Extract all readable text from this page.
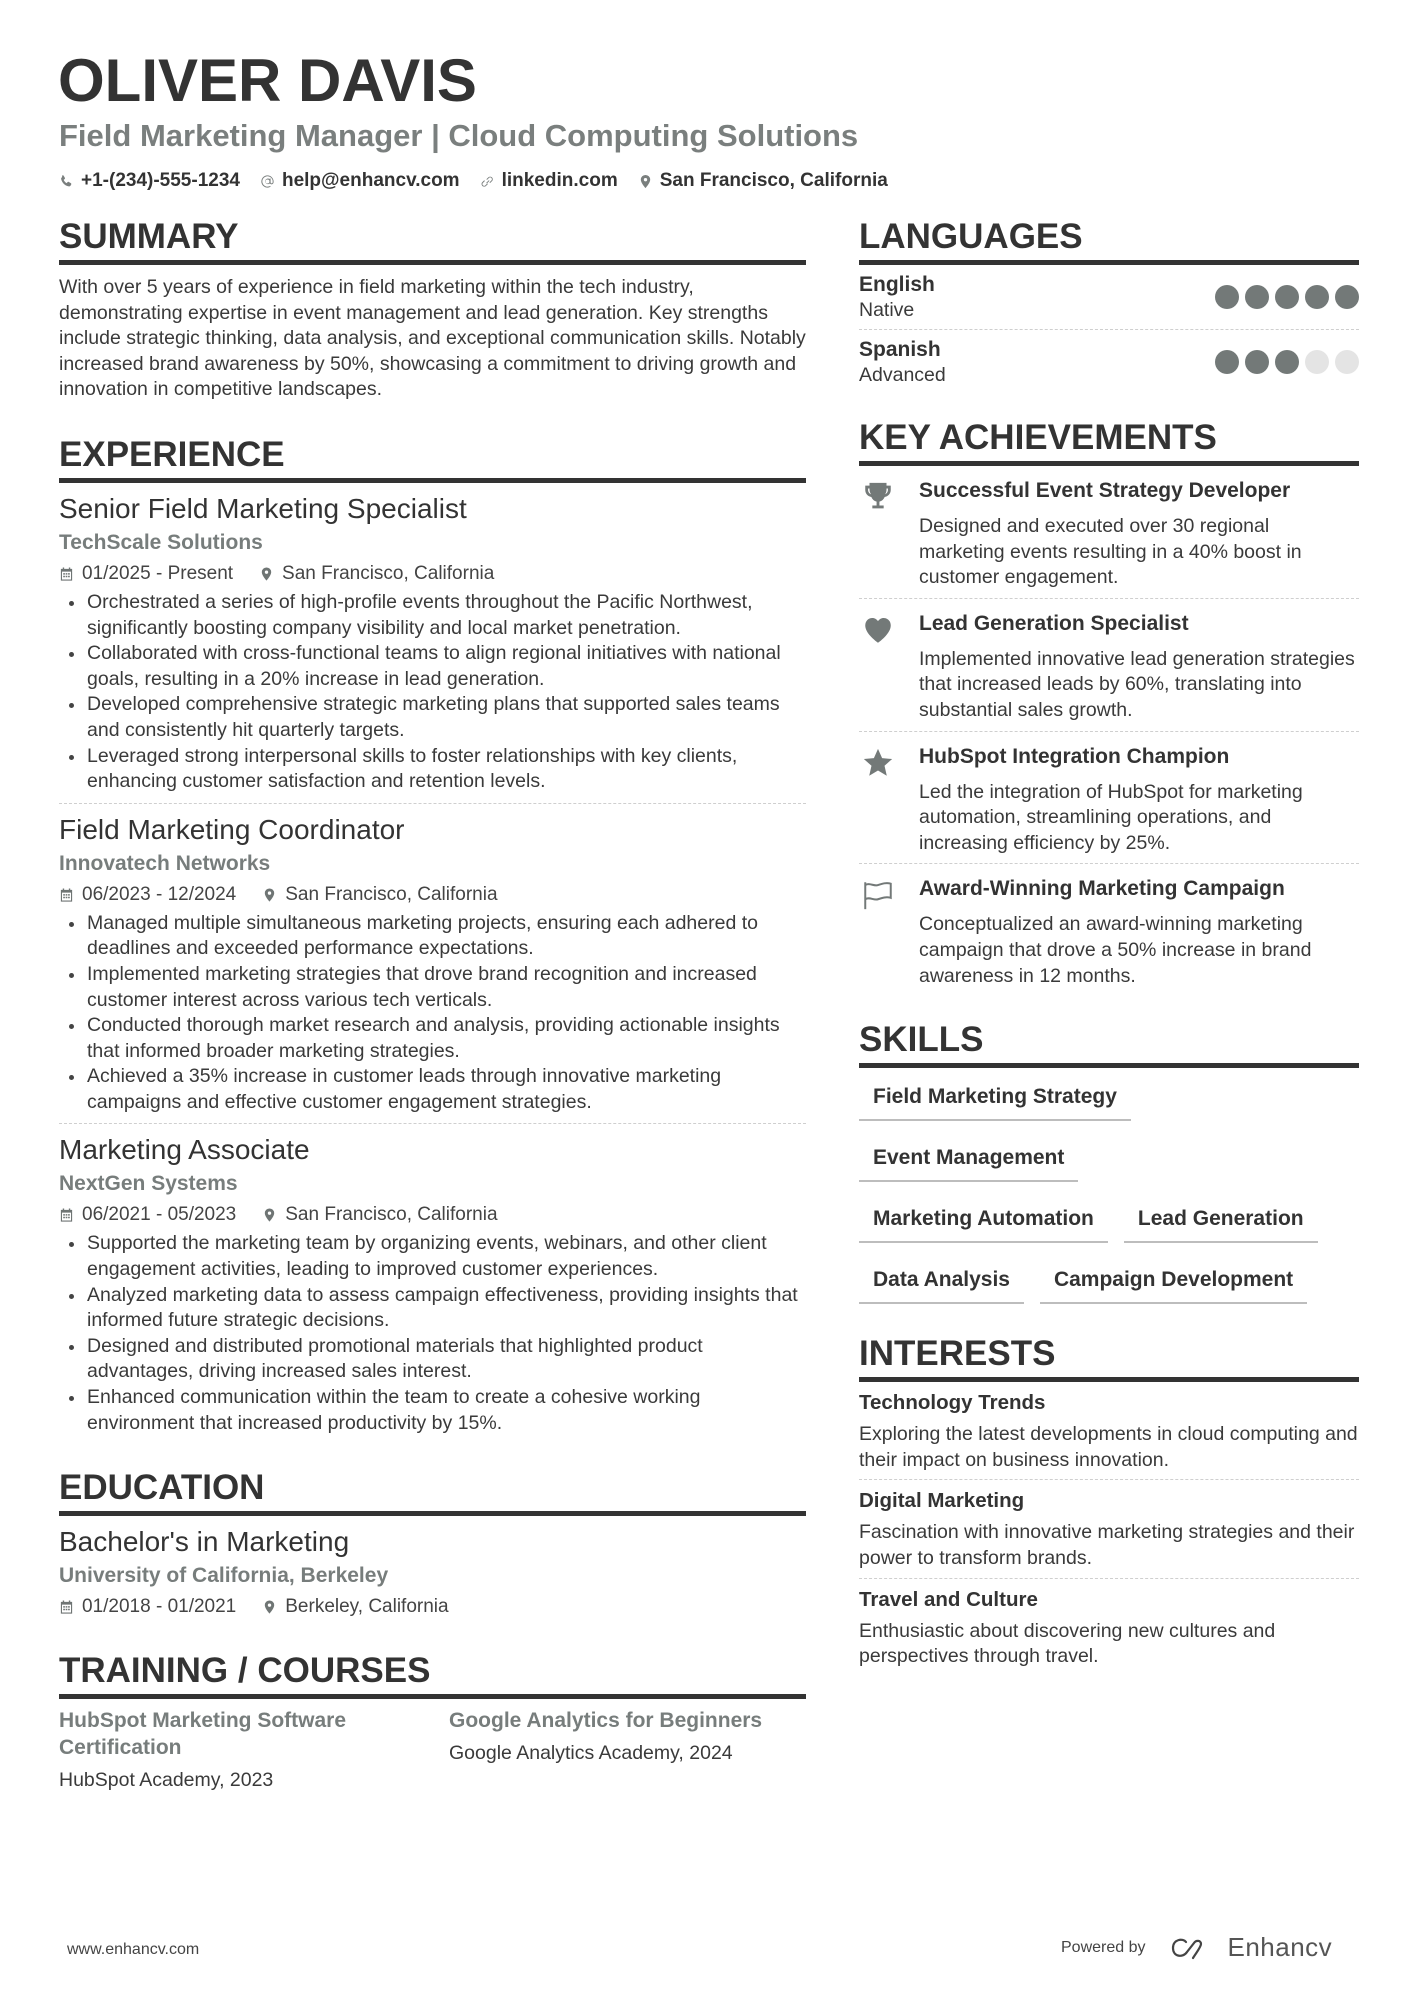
OLIVER DAVIS
Field Marketing Manager | Cloud Computing Solutions
+1-(234)-555-1234 help@enhancv.com linkedin.com San Francisco, California
SUMMARY

With over 5 years of experience in field marketing within the tech industry, demonstrating expertise in event management and lead generation. Key strengths include strategic thinking, data analysis, and exceptional communication skills. Notably increased brand awareness by 50%, showcasing a commitment to driving growth and innovation in competitive landscapes.

EXPERIENCE
Senior Field Marketing Specialist
TechScale Solutions
01/2025 - Present	San Francisco, California
Orchestrated a series of high-profile events throughout the Pacific Northwest, significantly boosting company visibility and local market penetration.
Collaborated with cross-functional teams to align regional initiatives with national goals, resulting in a 20% increase in lead generation.
Developed comprehensive strategic marketing plans that supported sales teams and consistently hit quarterly targets.
Leveraged strong interpersonal skills to foster relationships with key clients, enhancing customer satisfaction and retention levels.
Field Marketing Coordinator
Innovatech Networks
06/2023 - 12/2024	San Francisco, California
Managed multiple simultaneous marketing projects, ensuring each adhered to deadlines and exceeded performance expectations.
Implemented marketing strategies that drove brand recognition and increased customer interest across various tech verticals.
Conducted thorough market research and analysis, providing actionable insights that informed broader marketing strategies.
Achieved a 35% increase in customer leads through innovative marketing campaigns and effective customer engagement strategies.
Marketing Associate
NextGen Systems
06/2021 - 05/2023	San Francisco, California
Supported the marketing team by organizing events, webinars, and other client engagement activities, leading to improved customer experiences.
Analyzed marketing data to assess campaign effectiveness, providing insights that informed future strategic decisions.
Designed and distributed promotional materials that highlighted product advantages, driving increased sales interest.
Enhanced communication within the team to create a cohesive working environment that increased productivity by 15%.
EDUCATION
Bachelor's in Marketing
University of California, Berkeley
01/2018 - 01/2021	Berkeley, California
TRAINING / COURSES
HubSpot Marketing Software Certification
HubSpot Academy, 2023
Google Analytics for Beginners
Google Analytics Academy, 2024
LANGUAGES
English
Native
Spanish
Advanced
KEY ACHIEVEMENTS
Successful Event Strategy Developer
Designed and executed over 30 regional marketing events resulting in a 40% boost in customer engagement.
Lead Generation Specialist
Implemented innovative lead generation strategies that increased leads by 60%, translating into substantial sales growth.
HubSpot Integration Champion
Led the integration of HubSpot for marketing automation, streamlining operations, and increasing efficiency by 25%.
Award-Winning Marketing Campaign
Conceptualized an award-winning marketing campaign that drove a 50% increase in brand awareness in 12 months.
SKILLS
Field Marketing Strategy
Event Management
Marketing Automation	Lead Generation
Data Analysis	Campaign Development
INTERESTS
Technology Trends
Exploring the latest developments in cloud computing and their impact on business innovation.
Digital Marketing
Fascination with innovative marketing strategies and their power to transform brands.
Travel and Culture
Enthusiastic about discovering new cultures and perspectives through travel.
www.enhancv.com	Powered by	Enhancv
